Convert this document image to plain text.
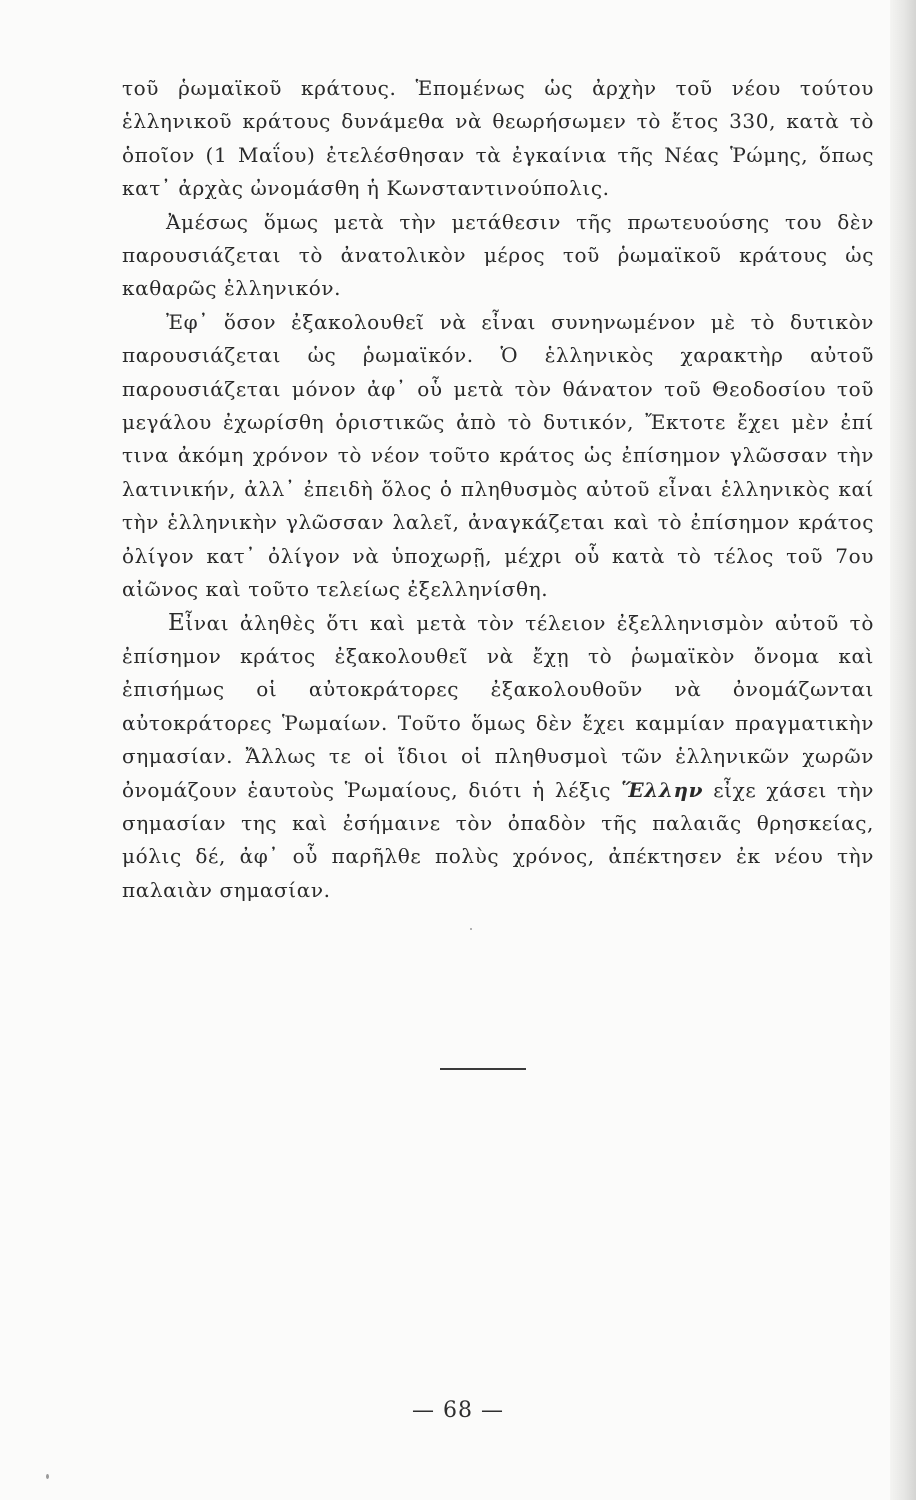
τοῦ ῥωμαϊκοῦ κράτους. Ἑπομένως ὡς ἀρχὴν τοῦ νέου τούτου ἑλληνικοῦ κράτους δυνάμεθα νὰ θεωρήσωμεν τὸ ἔτος 330, κατὰ τὸ ὁποῖον (1 Μαΐου) ἐτελέσθησαν τὰ ἐγκαίνια τῆς Νέας Ῥώμης, ὅπως κατ᾽ ἀρχὰς ὠνομάσθη ἡ Κωνσταντινούπολις.

Ἀμέσως ὅμως μετὰ τὴν μετάθεσιν τῆς πρωτευούσης του δὲν παρουσιάζεται τὸ ἀνατολικὸν μέρος τοῦ ῥωμαϊκοῦ κράτους ὡς καθαρῶς ἑλληνικόν.

Ἐφ᾽ ὅσον ἐξακολουθεῖ νὰ εἶναι συνηνωμένον μὲ τὸ δυτικὸν παρουσιάζεται ὡς ῥωμαϊκόν. Ὁ ἑλληνικὸς χαρακτὴρ αὐτοῦ παρουσιάζεται μόνον ἀφ᾽ οὗ μετὰ τὸν θάνατον τοῦ Θεοδοσίου τοῦ μεγάλου ἐχωρίσθη ὁριστικῶς ἀπὸ τὸ δυτικόν, Ἔκτοτε ἔχει μὲν ἐπί τινα ἀκόμη χρόνον τὸ νέον τοῦτο κράτος ὡς ἐπίσημον γλῶσσαν τὴν λατινικήν, ἀλλ᾽ ἐπειδὴ ὅλος ὁ πληθυσμὸς αὐτοῦ εἶναι ἑλληνικὸς καί τὴν ἑλληνικὴν γλῶσσαν λαλεῖ, ἀναγκάζεται καὶ τὸ ἐπίσημον κράτος ὀλίγον κατ᾽ ὀλίγον νὰ ὑποχωρῇ, μέχρι οὗ κατὰ τὸ τέλος τοῦ 7ου αἰῶνος καὶ τοῦτο τελείως ἐξελληνίσθη.

Εἶναι ἀληθὲς ὅτι καὶ μετὰ τὸν τέλειον ἐξελληνισμὸν αὐτοῦ τὸ ἐπίσημον κράτος ἐξακολουθεῖ νὰ ἔχῃ τὸ ῥωμαϊκὸν ὄνομα καὶ ἐπισήμως οἱ αὐτοκράτορες ἐξακολουθοῦν νὰ ὀνομάζωνται αὐτοκράτορες Ῥωμαίων. Τοῦτο ὅμως δὲν ἔχει καμμίαν πραγματικὴν σημασίαν. Ἄλλως τε οἱ ἴδιοι οἱ πληθυσμοὶ τῶν ἑλληνικῶν χωρῶν ὀνομάζουν ἑαυτοὺς Ῥωμαίους, διότι ἡ λέξις Ἕλλην εἶχε χάσει τὴν σημασίαν της καὶ ἐσήμαινε τὸν ὀπαδὸν τῆς παλαιᾶς θρησκείας, μόλις δέ, ἀφ᾽ οὗ παρῆλθε πολὺς χρόνος, ἀπέκτησεν ἐκ νέου τὴν παλαιὰν σημασίαν.

— 68 —
